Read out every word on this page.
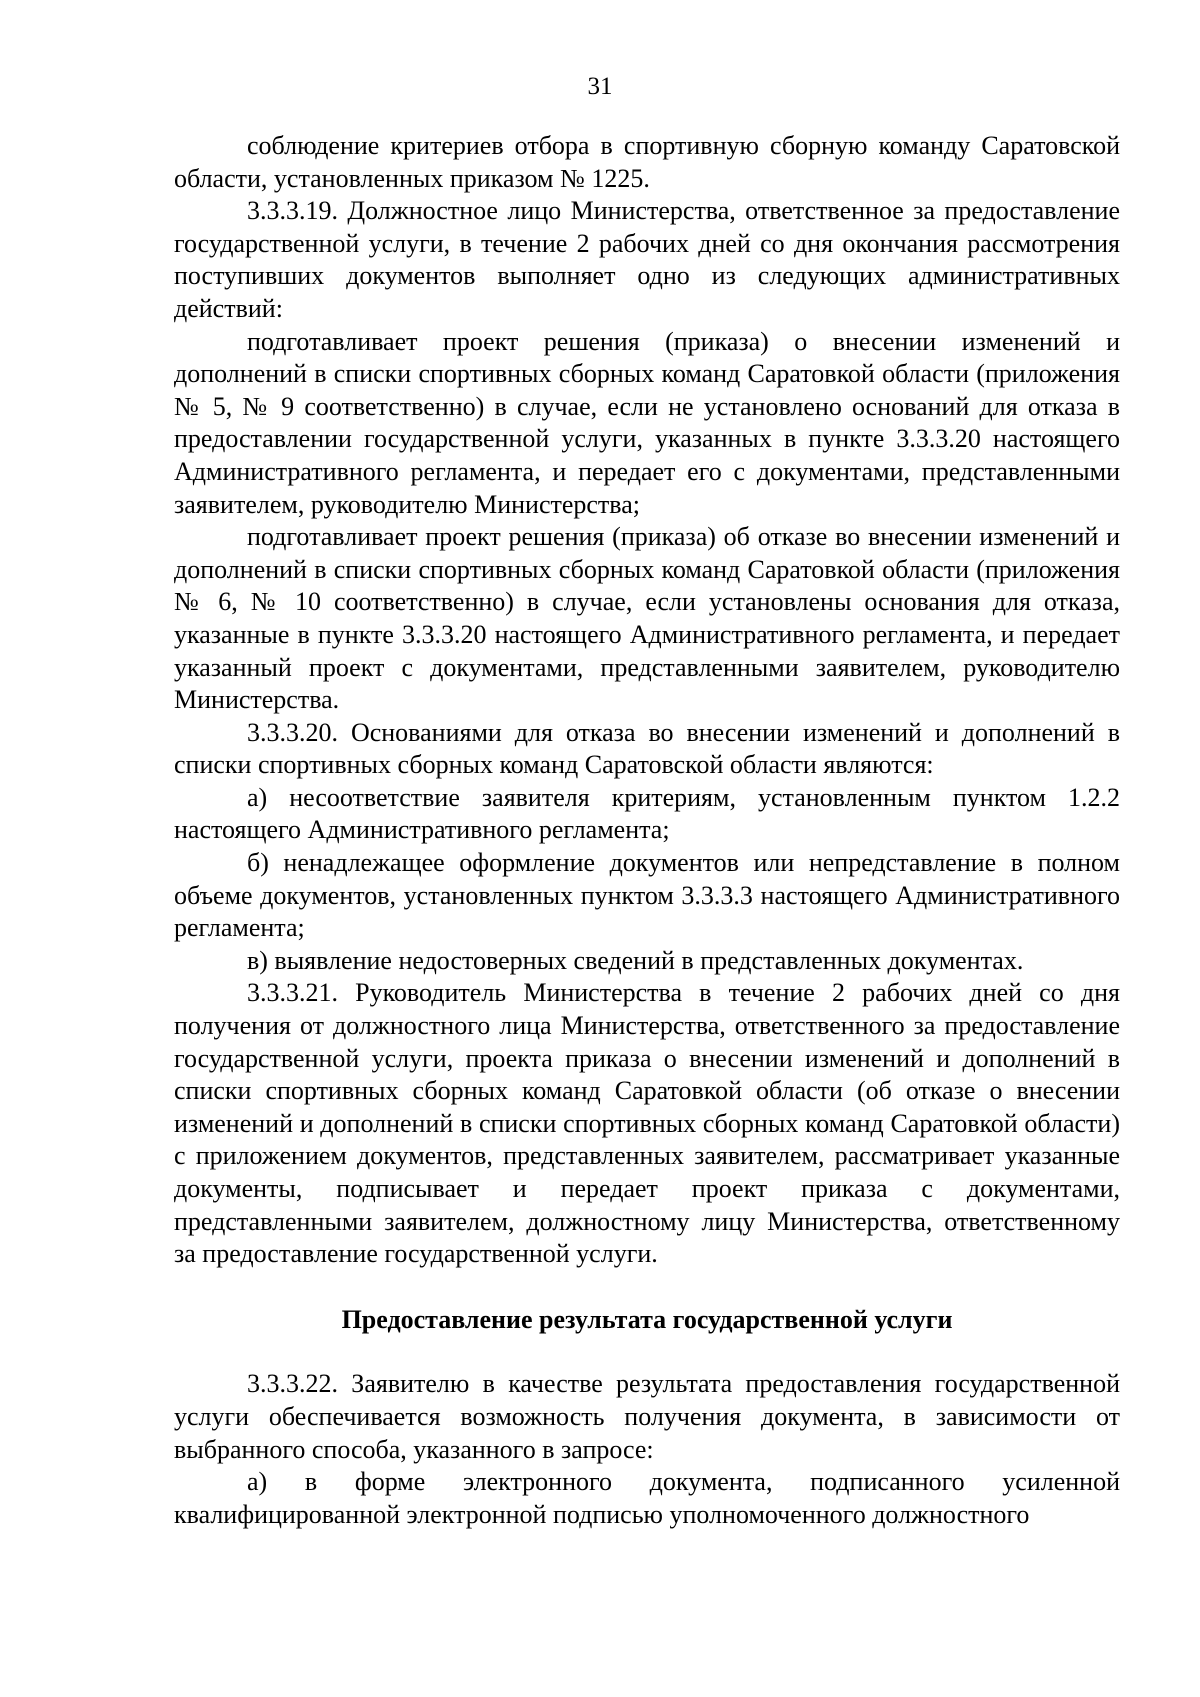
31

соблюдение критериев отбора в спортивную сборную команду Саратовской области, установленных приказом № 1225.

3.3.3.19. Должностное лицо Министерства, ответственное за предоставление государственной услуги, в течение 2 рабочих дней со дня окончания рассмотрения поступивших документов выполняет одно из следующих административных действий:

подготавливает проект решения (приказа) о внесении изменений и дополнений в списки спортивных сборных команд Саратовкой области (приложения № 5, № 9 соответственно) в случае, если не установлено оснований для отказа в предоставлении государственной услуги, указанных в пункте 3.3.3.20 настоящего Административного регламента, и передает его с документами, представленными заявителем, руководителю Министерства;

подготавливает проект решения (приказа) об отказе во внесении изменений и дополнений в списки спортивных сборных команд Саратовкой области (приложения № 6, № 10 соответственно) в случае, если установлены основания для отказа, указанные в пункте 3.3.3.20 настоящего Административного регламента, и передает указанный проект с документами, представленными заявителем, руководителю Министерства.

3.3.3.20. Основаниями для отказа во внесении изменений и дополнений в списки спортивных сборных команд Саратовской области являются:

а) несоответствие заявителя критериям, установленным пунктом 1.2.2 настоящего Административного регламента;

б) ненадлежащее оформление документов или непредставление в полном объеме документов, установленных пунктом 3.3.3.3 настоящего Административного регламента;

в) выявление недостоверных сведений в представленных документах.

3.3.3.21. Руководитель Министерства в течение 2 рабочих дней со дня получения от должностного лица Министерства, ответственного за предоставление государственной услуги, проекта приказа о внесении изменений и дополнений в списки спортивных сборных команд Саратовкой области (об отказе о внесении изменений и дополнений в списки спортивных сборных команд Саратовкой области) с приложением документов, представленных заявителем, рассматривает указанные документы, подписывает и передает проект приказа с документами, представленными заявителем, должностному лицу Министерства, ответственному за предоставление государственной услуги.

Предоставление результата государственной услуги

3.3.3.22. Заявителю в качестве результата предоставления государственной услуги обеспечивается возможность получения документа, в зависимости от выбранного способа, указанного в запросе:

а) в форме электронного документа, подписанного усиленной квалифицированной электронной подписью уполномоченного должностного
